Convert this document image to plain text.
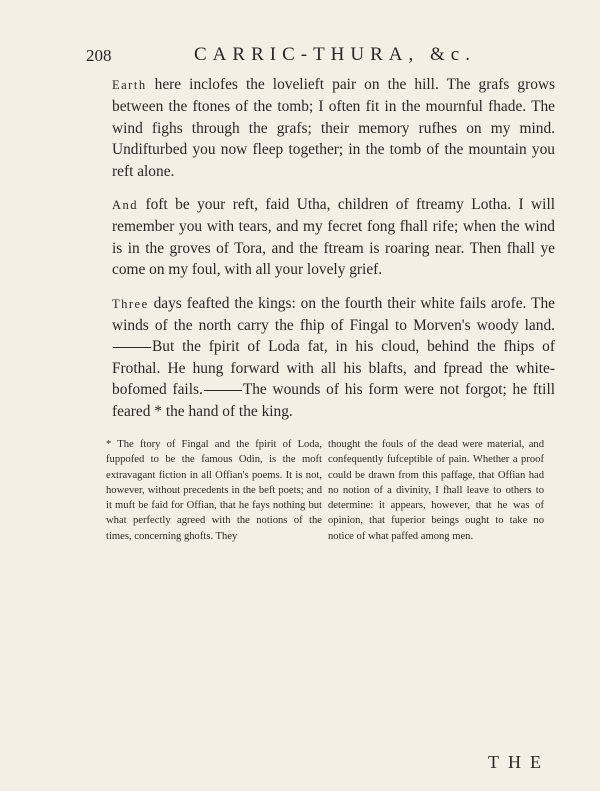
208	CARRIC-THURA, &c.

Earth here inclofes the lovelieft pair on the hill. The grafs grows between the ftones of the tomb; I often fit in the mournful fhade. The wind fighs through the grafs; their memory rufhes on my mind. Undifturbed you now fleep together; in the tomb of the mountain you reft alone.

And foft be your reft, faid Utha, children of ftreamy Lotha. I will remember you with tears, and my fecret fong fhall rife; when the wind is in the groves of Tora, and the ftream is roaring near. Then fhall ye come on my foul, with all your lovely grief.

Three days feafted the kings: on the fourth their white fails arofe. The winds of the north carry the fhip of Fingal to Morven's woody land.But the fpirit of Loda fat, in his cloud, behind the fhips of Frothal. He hung forward with all his blafts, and fpread the white-bofomed fails.	The wounds of his form were not forgot; he ftill feared * the hand of the king.

* The ftory of Fingal and the fpirit of Loda, fuppofed to be the famous Odin, is the moft extravagant fiction in all Offian's poems. It is not, however, without precedents in the beft poets; and it muft be faid for Offian, that he fays nothing but what perfectly agreed with the notions of the times, concerning ghofts. They

thought the fouls of the dead were material, and confequently fufceptible of pain. Whether a proof could be drawn from this paffage, that Offian had no notion of a divinity, I fhall leave to others to determine: it appears, however, that he was of opinion, that fuperior beings ought to take no notice of what paffed among men.

THE
